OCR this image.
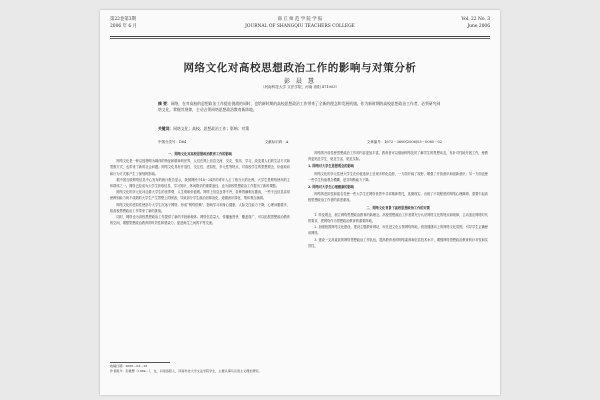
第22卷第3期
2006 年 6 月
商 丘 师 范 学 院 学 报
JOURNAL OF SHANGQIU TEACHERS COLLEGE
Vol. 22 No. 3
June 2006
网络文化对高校思想政治工作的影响与对策分析
彭 晨 慧
（河南科技大学 文法学院，河南 洛阳 471003）
摘 要：网络，在对高校的思想政治工作提出挑战的同时，也给新时期的高校思想政治工作带来了全新的理念和发展机遇。作为新时期的高校思想政治工作者，必须研究网络文化，掌握其规律，主动占领网络思想政治教育新阵地。
关键词：网络文化；高校；思想政治工作；影响；对策
中图分类号：D64	文献标识码：A	文章编号：1672－3600(2006)03－0085－02
一、网络文化对高校思想政治教育工作的影响

网络文化是一种以因特网为媒体的特征和精神的世界，人们在网上信息交流、交友、娱乐、学习，改变着人们的生活方式和思维方式，也带来了新的社会问题。网络文化具有开放性、交互性、虚拟性、多元性等特点，对高校学生的思想观念、价值取向和行为方式都产生了深刻的影响。

据中国互联网络信息中心发布的统计报告显示，我国网民中18－24岁的青年人占了相当大的比例，大学生是网络使用的主体群体之一。网络已经成为大学生获取信息、学习知识、休闲娱乐的重要途径，也为高校思想政治工作提出了新的课题。

网络文化的多元化冲击着大学生的世界观、人生观和价值观。网络上信息良莠不齐，各种思潮相互激荡，一些不良信息容易使辨别能力尚不成熟的大学生产生思想上的困惑，导致部分学生政治信仰淡化、道德意识弱化、集体观念减弱。

网络文化的虚拟性使部分大学生沉迷于网络，形成“网络依赖”，影响学习和身心健康，人际交往能力下降，心理问题增多，给高校思想政治工作带来了新的挑战。

同时，网络也为高校思想政治工作提供了新的手段和载体。网络信息量大、传播速度快、覆盖面广，可以拓展思想政治教育的空间，增强思想政治教育的时效性和感染力，促进师生之间的平等交流。

网络的开放性使思想政治工作的内容更加丰富，教育者可以借助网络及时了解学生的思想动态，有针对性地开展工作，使教育更贴近学生、贴近生活、贴近实际。

1. 网络对大学生思想观念的影响

网络文化的多元性使大学生在价值选择上呈现多样化趋势，一方面开阔了视野，增强了开放意识和创新意识；另一方面也使一些学生价值观念模糊，是非判断能力下降。

2. 网络对大学生心理健康的影响

网络的虚拟性和匿名性使一些大学生在网络世界中寻求精神寄托，逃避现实，出现了不同程度的网络心理障碍，需要引起高校思想政治工作者的高度重视。

二、网络文化背景下高校思想政治工作的对策

1. 转变观念，树立网络思想政治教育的新理念。高校思想政治工作者要充分认识网络文化的特点和规律，主动适应网络时代的要求，把网络作为思想政治教育的重要阵地。

2. 加强校园网络文化建设，建设主题教育网站，用先进文化占领网络阵地，营造健康向上的网络文化氛围，引导学生正确使用网络。

3. 建设一支高素质的网络思想政治工作队伍，提高教育者的网络素养和信息技术水平，增强网络思想政治教育的针对性和实效性。

收稿日期：2006－03－25
作者简介：彭晨慧（1984－），女，河南洛阳人，河南科技大学文法学院学生，主要从事马克思主义理论研究。
